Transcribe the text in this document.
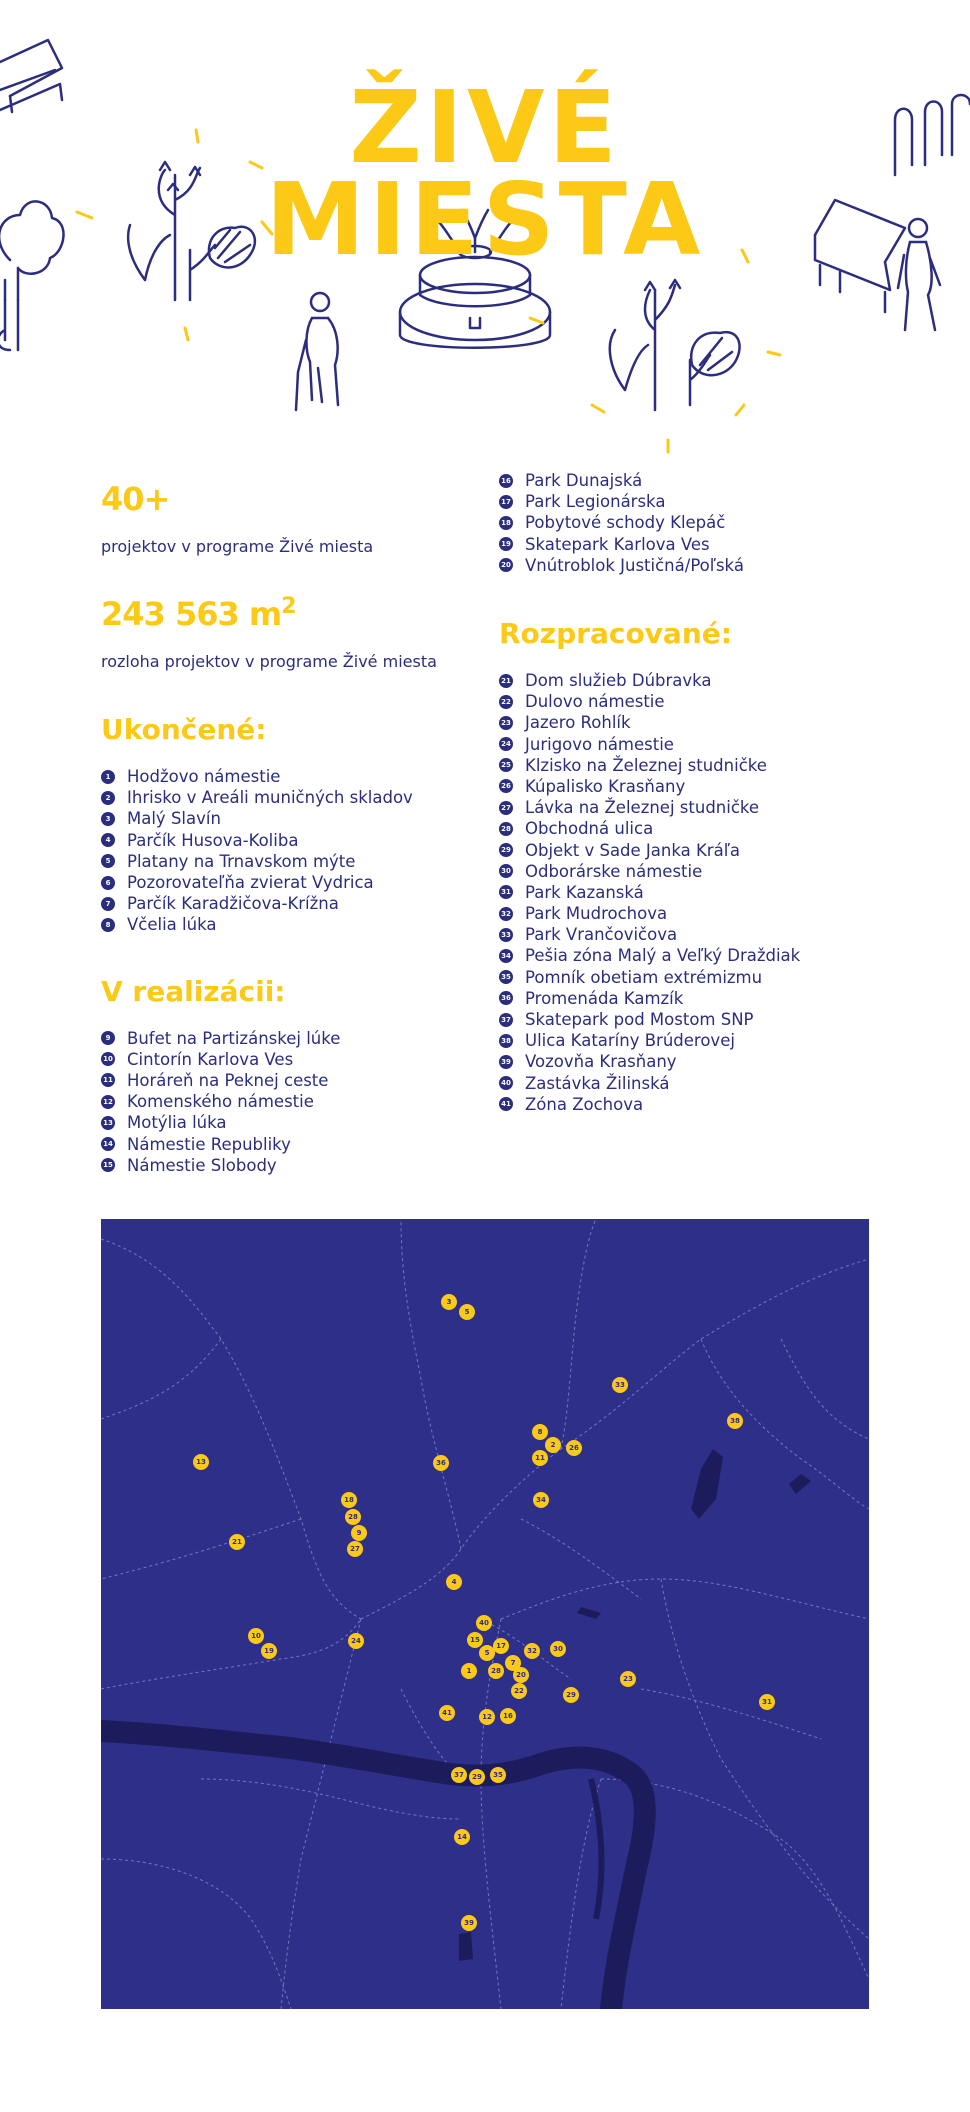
ŽIVÉ
MIESTA
40+
projektov v programe Živé miesta
243 563 $m^2$
rozloha projektov v programe Živé miesta
Ukončené:
1 Hodžovo námestie
2 Ihrisko v Areáli muničných skladov
3 Malý Slavín
4 Parčík Husova-Koliba
5 Platany na Trnavskom mýte
6 Pozorovateľňa zvierat Vydrica
7 Parčík Karadžičova-Krížna
8 Včelia lúka
V realizácii:
9 Bufet na Partizánskej lúke
10 Cintorín Karlova Ves
11 Horáreň na Peknej ceste
12 Komenského námestie
13 Motýlia lúka
14 Námestie Republiky
15 Námestie Slobody
16 Park Dunajská
17 Park Legionárska
18 Pobytové schody Klepáč
19 Skatepark Karlova Ves
20 Vnútroblok Justičná/Poľská
Rozpracované:
21 Dom služieb Dúbravka
22 Dulovo námestie
23 Jazero Rohlík
24 Jurigovo námestie
25 Klzisko na Železnej studničke
26 Kúpalisko Krasňany
27 Lávka na Železnej studničke
28 Obchodná ulica
29 Objekt v Sade Janka Kráľa
30 Odborárske námestie
31 Park Kazanská
32 Park Mudrochova
33 Park Vrančovičova
34 Pešia zóna Malý a Veľký Draždiak
35 Pomník obetiam extrémizmu
36 Promenáda Kamzík
37 Skatepark pod Mostom SNP
38 Ulica Kataríny Brúderovej
39 Vozovňa Krasňany
40 Zastávka Žilinská
41 Zóna Zochova
3
5
33
38
8
2	26
13	36
11
34
18
28
9
27
21
4
40
15
17
5	32	30
7
24
10
19
1	28	20
29
23
22
31
41	12	16
37	29	35
14
39
